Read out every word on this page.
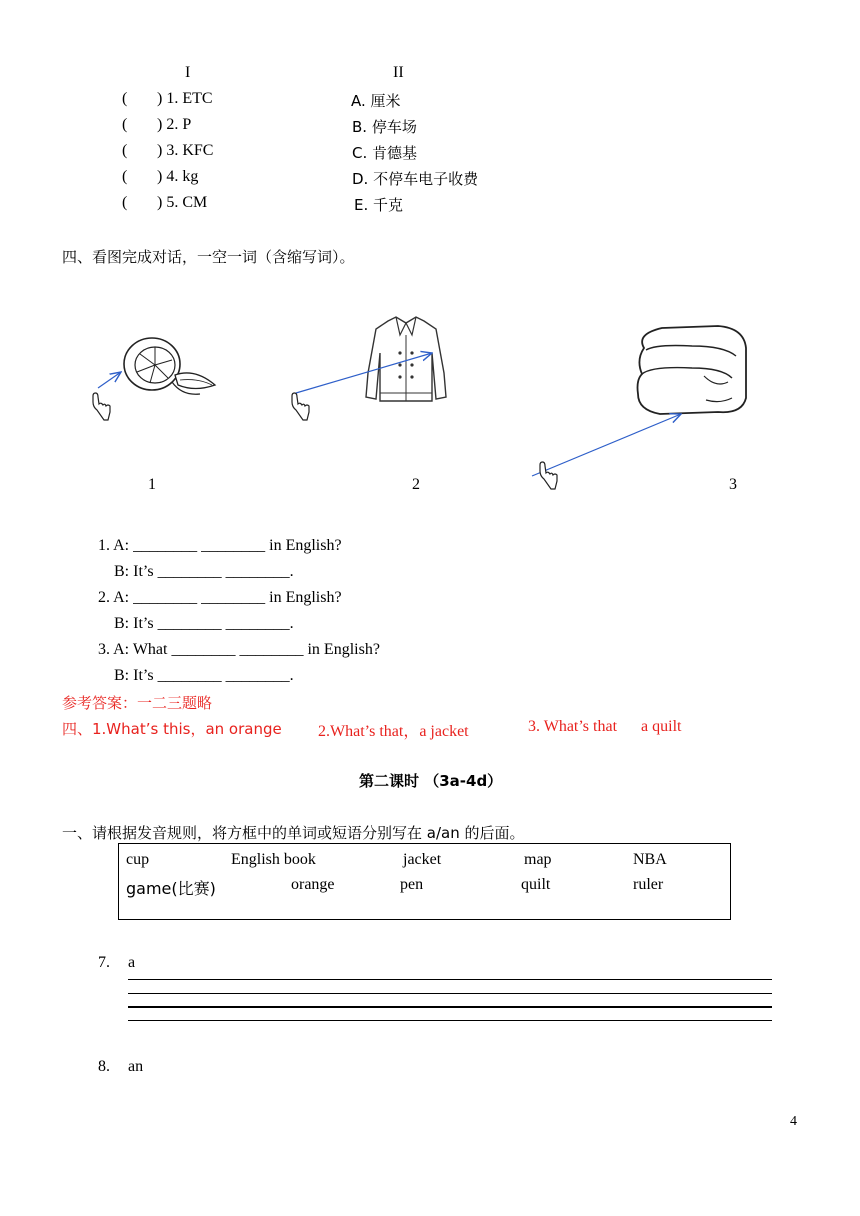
I	II
( ) 1. ETC	A. 厘米
( ) 2. P	B. 停车场
( ) 3. KFC	C. 肯德基
( ) 4. kg	D. 不停车电子收费
( ) 5. CM	E. 千克
四、看图完成对话，一空一词（含缩写词）。
1	2	3
1. A: ________ ________ in English?
B: It’s ________ ________.
2. A: ________ ________ in English?
B: It’s ________ ________.
3. A: What ________ ________ in English?
B: It’s ________ ________.
参考答案：一二三题略
四、1.What’s this，an orange 2.What’s that，a jacket	3. What’s that      a quilt
第二课时 （3a-4d）
一、请根据发音规则，将方框中的单词或短语分别写在 a/an 的后面。
cup	English book	jacket	map	NBA
game(比赛)	orange	pen	quilt	ruler
7. a
8. an
4
